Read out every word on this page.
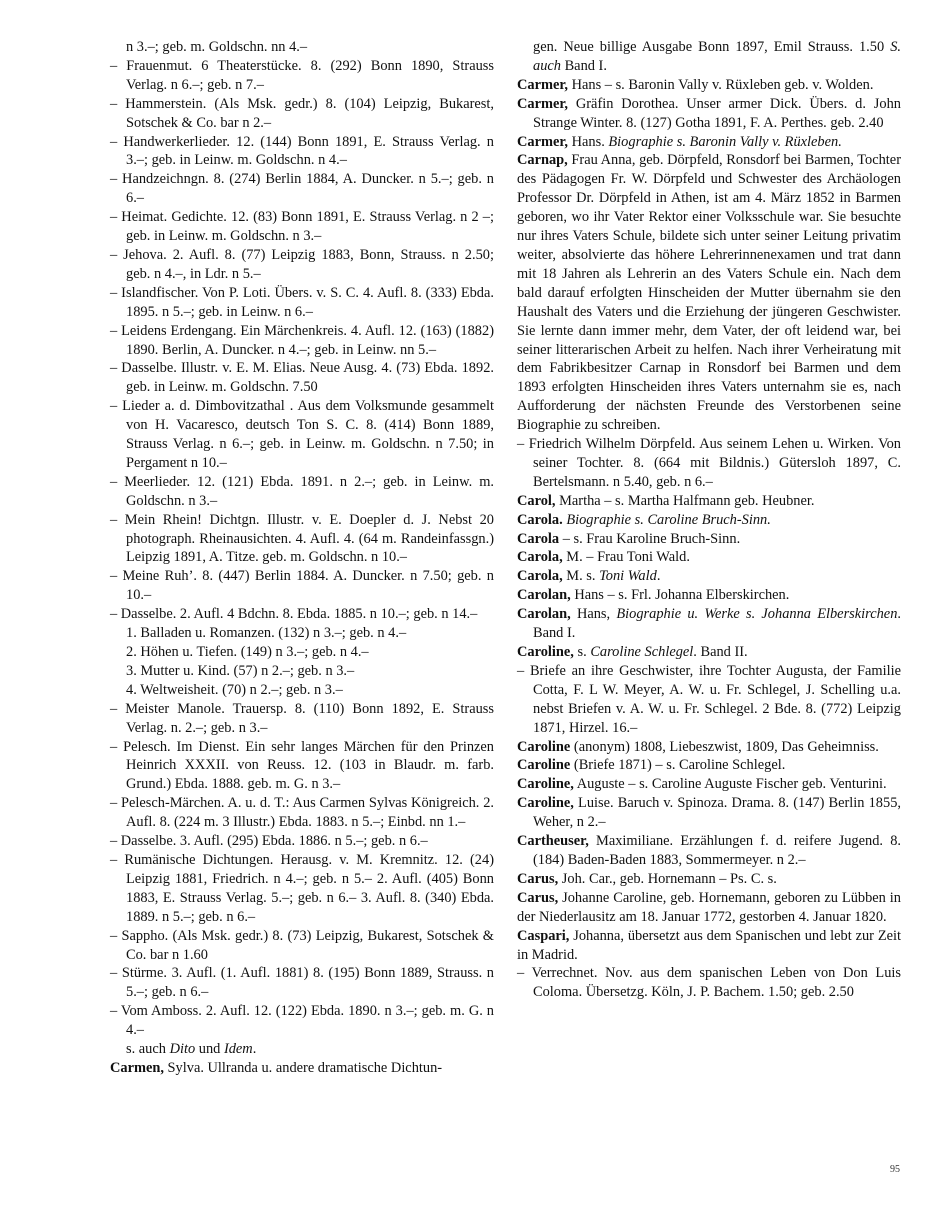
n 3.–; geb. m. Goldschn. nn 4.–

– Frauenmut. 6 Theaterstücke. 8. (292) Bonn 1890, Strauss Verlag. n 6.–; geb. n 7.–

– Hammerstein. (Als Msk. gedr.) 8. (104) Leipzig, Bukarest, Sotschek & Co. bar n 2.–

– Handwerkerlieder. 12. (144) Bonn 1891, E. Strauss Verlag. n 3.–; geb. in Leinw. m. Goldschn. n 4.–

– Handzeichngn. 8. (274) Berlin 1884, A. Duncker. n 5.–; geb. n 6.–

– Heimat. Gedichte. 12. (83) Bonn 1891, E. Strauss Verlag. n 2 –; geb. in Leinw. m. Goldschn. n 3.–

– Jehova. 2. Aufl. 8. (77) Leipzig 1883, Bonn, Strauss. n 2.50; geb. n 4.–, in Ldr. n 5.–

– Islandfischer. Von P. Loti. Übers. v. S. C. 4. Aufl. 8. (333) Ebda. 1895. n 5.–; geb. in Leinw. n 6.–

– Leidens Erdengang. Ein Märchenkreis. 4. Aufl. 12. (163) (1882) 1890. Berlin, A. Duncker. n 4.–; geb. in Leinw. nn 5.–

– Dasselbe. Illustr. v. E. M. Elias. Neue Ausg. 4. (73) Ebda. 1892. geb. in Leinw. m. Goldschn. 7.50

– Lieder a. d. Dimbovitzathal . Aus dem Volksmunde gesammelt von H. Vacaresco, deutsch Ton S. C. 8. (414) Bonn 1889, Strauss Verlag. n 6.–; geb. in Leinw. m. Goldschn. n 7.50; in Pergament n 10.–

– Meerlieder. 12. (121) Ebda. 1891. n 2.–; geb. in Leinw. m. Goldschn. n 3.–

– Mein Rhein! Dichtgn. Illustr. v. E. Doepler d. J. Nebst 20 photograph. Rheinausichten. 4. Aufl. 4. (64 m. Randeinfassgn.) Leipzig 1891, A. Titze. geb. m. Goldschn. n 10.–

– Meine Ruh’. 8. (447) Berlin 1884. A. Duncker. n 7.50; geb. n 10.–

– Dasselbe. 2. Aufl. 4 Bdchn. 8. Ebda. 1885. n 10.–; geb. n 14.–

1. Balladen u. Romanzen. (132) n 3.–; geb. n 4.–

2. Höhen u. Tiefen. (149) n 3.–; geb. n 4.–

3. Mutter u. Kind. (57) n 2.–; geb. n 3.–

4. Weltweisheit. (70) n 2.–; geb. n 3.–

– Meister Manole. Trauersp. 8. (110) Bonn 1892, E. Strauss Verlag. n. 2.–; geb. n 3.–

– Pelesch. Im Dienst. Ein sehr langes Märchen für den Prinzen Heinrich XXXII. von Reuss. 12. (103 in Blaudr. m. farb. Grund.) Ebda. 1888. geb. m. G. n 3.–

– Pelesch-Märchen. A. u. d. T.: Aus Carmen Sylvas Königreich. 2. Aufl. 8. (224 m. 3 Illustr.) Ebda. 1883. n 5.–; Einbd. nn 1.–

– Dasselbe. 3. Aufl. (295) Ebda. 1886. n 5.–; geb. n 6.–

– Rumänische Dichtungen. Herausg. v. M. Kremnitz. 12. (24) Leipzig 1881, Friedrich. n 4.–; geb. n 5.– 2. Aufl. (405) Bonn 1883, E. Strauss Verlag. 5.–; geb. n 6.– 3. Aufl. 8. (340) Ebda. 1889. n 5.–; geb. n 6.–

– Sappho. (Als Msk. gedr.) 8. (73) Leipzig, Bukarest, Sotschek & Co. bar n 1.60

– Stürme. 3. Aufl. (1. Aufl. 1881) 8. (195) Bonn 1889, Strauss. n 5.–; geb. n 6.–

– Vom Amboss. 2. Aufl. 12. (122) Ebda. 1890. n 3.–; geb. m. G. n 4.–

s. auch Dito und Idem.

Carmen, Sylva. Ullranda u. andere dramatische Dichtun-

gen. Neue billige Ausgabe Bonn 1897, Emil Strauss. 1.50 S. auch Band I.

Carmer, Hans – s. Baronin Vally v. Rüxleben geb. v. Wolden.

Carmer, Gräfin Dorothea. Unser armer Dick. Übers. d. John Strange Winter. 8. (127) Gotha 1891, F. A. Perthes. geb. 2.40

Carmer, Hans. Biographie s. Baronin Vally v. Rüxleben.

Carnap, Frau Anna, geb. Dörpfeld, Ronsdorf bei Barmen, Tochter des Pädagogen Fr. W. Dörpfeld und Schwester des Archäologen Professor Dr. Dörpfeld in Athen, ist am 4. März 1852 in Barmen geboren, wo ihr Vater Rektor einer Volksschule war. Sie besuchte nur ihres Vaters Schule, bildete sich unter seiner Leitung privatim weiter, absolvierte das höhere Lehrerinnenexamen und trat dann mit 18 Jahren als Lehrerin an des Vaters Schule ein. Nach dem bald darauf erfolgten Hinscheiden der Mutter übernahm sie den Haushalt des Vaters und die Erziehung der jüngeren Geschwister. Sie lernte dann immer mehr, dem Vater, der oft leidend war, bei seiner litterarischen Arbeit zu helfen. Nach ihrer Verheiratung mit dem Fabrikbesitzer Carnap in Ronsdorf bei Barmen und dem 1893 erfolgten Hinscheiden ihres Vaters unternahm sie es, nach Aufforderung der nächsten Freunde des Verstorbenen seine Biographie zu schreiben.

– Friedrich Wilhelm Dörpfeld. Aus seinem Lehen u. Wirken. Von seiner Tochter. 8. (664 mit Bildnis.) Gütersloh 1897, C. Bertelsmann. n 5.40, geb. n 6.–

Carol, Martha – s. Martha Halfmann geb. Heubner.

Carola. Biographie s. Caroline Bruch-Sinn.

Carola – s. Frau Karoline Bruch-Sinn.

Carola, M. – Frau Toni Wald.

Carola, M. s. Toni Wald.

Carolan, Hans – s. Frl. Johanna Elberskirchen.

Carolan, Hans, Biographie u. Werke s. Johanna Elberskirchen. Band I.

Caroline, s. Caroline Schlegel. Band II.

– Briefe an ihre Geschwister, ihre Tochter Augusta, der Familie Cotta, F. L W. Meyer, A. W. u. Fr. Schlegel, J. Schelling u.a. nebst Briefen v. A. W. u. Fr. Schlegel. 2 Bde. 8. (772) Leipzig 1871, Hirzel. 16.–

Caroline (anonym) 1808, Liebeszwist, 1809, Das Geheimniss.

Caroline (Briefe 1871) – s. Caroline Schlegel.

Caroline, Auguste – s. Caroline Auguste Fischer geb. Venturini.

Caroline, Luise. Baruch v. Spinoza. Drama. 8. (147) Berlin 1855, Weher, n 2.–

Cartheuser, Maximiliane. Erzählungen f. d. reifere Jugend. 8. (184) Baden-Baden 1883, Sommermeyer. n 2.–

Carus, Joh. Car., geb. Hornemann – Ps. C. s.

Carus, Johanne Caroline, geb. Hornemann, geboren zu Lübben in der Niederlausitz am 18. Januar 1772, gestorben 4. Januar 1820.

Caspari, Johanna, übersetzt aus dem Spanischen und lebt zur Zeit in Madrid.

– Verrechnet. Nov. aus dem spanischen Leben von Don Luis Coloma. Übersetzg. Köln, J. P. Bachem. 1.50; geb. 2.50

95
